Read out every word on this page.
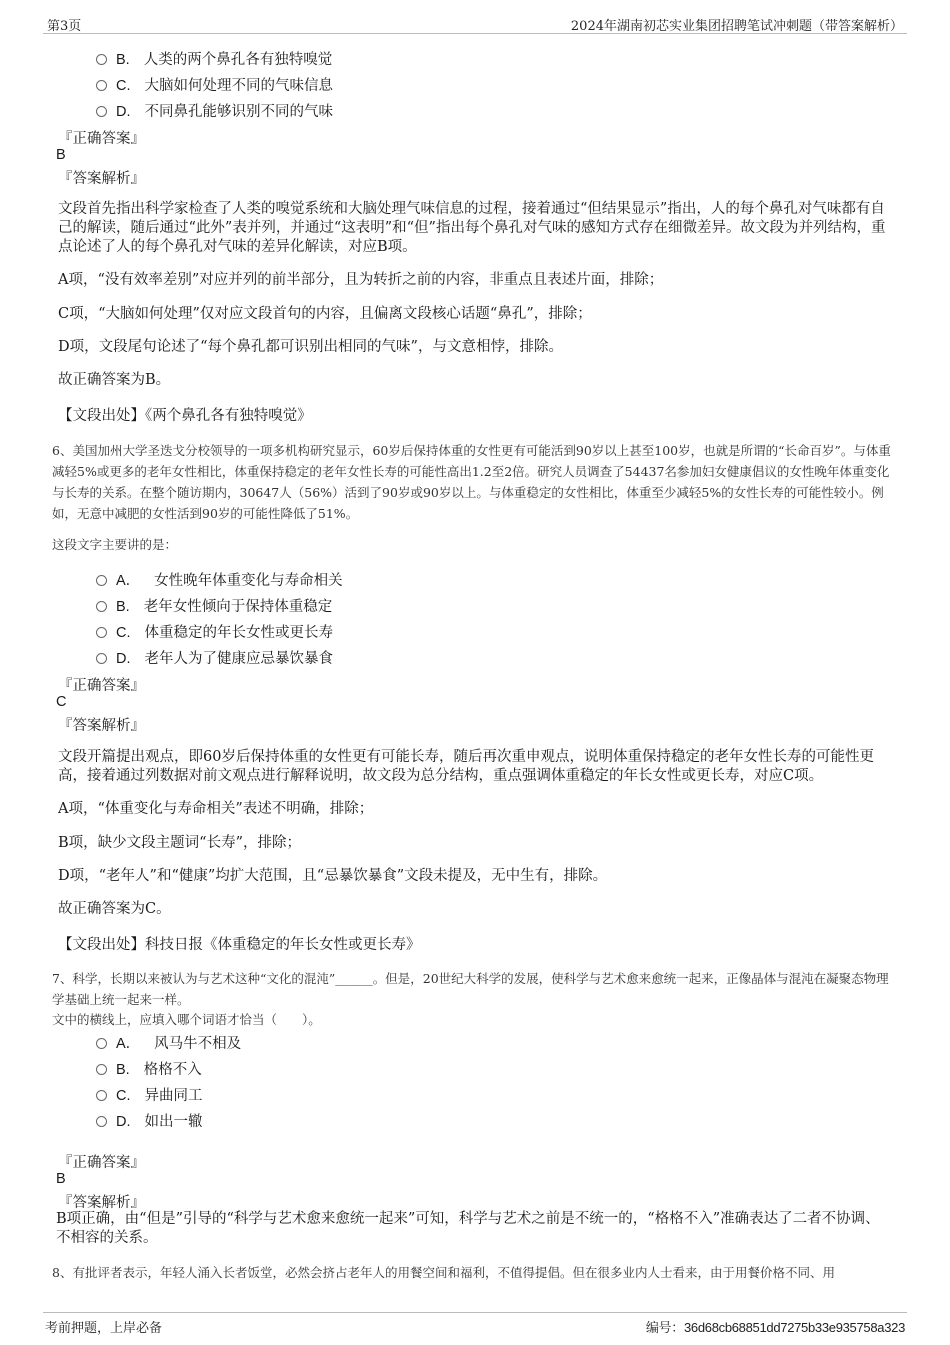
第3页	2024年湖南初芯实业集团招聘笔试冲刺题（带答案解析）
B. 人类的两个鼻孔各有独特嗅觉
C. 大脑如何处理不同的气味信息
D. 不同鼻孔能够识别不同的气味
『正确答案』
B
『答案解析』
文段首先指出科学家检查了人类的嗅觉系统和大脑处理气味信息的过程，接着通过“但结果显示”指出，人的每个鼻孔对气味都有自己的解读，随后通过“此外”表并列，并通过“这表明”和“但”指出每个鼻孔对气味的感知方式存在细微差异。故文段为并列结构，重点论述了人的每个鼻孔对气味的差异化解读，对应B项。
A项，“没有效率差别”对应并列的前半部分，且为转折之前的内容，非重点且表述片面，排除；
C项，“大脑如何处理”仅对应文段首句的内容，且偏离文段核心话题“鼻孔”，排除；
D项，文段尾句论述了“每个鼻孔都可识别出相同的气味”，与文意相悖，排除。
故正确答案为B。
【文段出处】《两个鼻孔各有独特嗅觉》
6、美国加州大学圣迭戈分校领导的一项多机构研究显示，60岁后保持体重的女性更有可能活到90岁以上甚至100岁，也就是所谓的“长命百岁”。与体重减轻5%或更多的老年女性相比，体重保持稳定的老年女性长寿的可能性高出1.2至2倍。研究人员调查了54437名参加妇女健康倡议的女性晚年体重变化与长寿的关系。在整个随访期内，30647人（56%）活到了90岁或90岁以上。与体重稳定的女性相比，体重至少减轻5%的女性长寿的可能性较小。例如，无意中减肥的女性活到90岁的可能性降低了51%。
这段文字主要讲的是：
A． 女性晚年体重变化与寿命相关
B. 老年女性倾向于保持体重稳定
C. 体重稳定的年长女性或更长寿
D. 老年人为了健康应忌暴饮暴食
『正确答案』
C
『答案解析』
文段开篇提出观点，即60岁后保持体重的女性更有可能长寿，随后再次重申观点，说明体重保持稳定的老年女性长寿的可能性更高，接着通过列数据对前文观点进行解释说明，故文段为总分结构，重点强调体重稳定的年长女性或更长寿，对应C项。
A项，“体重变化与寿命相关”表述不明确，排除；
B项，缺少文段主题词“长寿”，排除；
D项，“老年人”和“健康”均扩大范围，且“忌暴饮暴食”文段未提及，无中生有，排除。
故正确答案为C。
【文段出处】科技日报《体重稳定的年长女性或更长寿》
7、科学，长期以来被认为与艺术这种“文化的混沌”______。但是，20世纪大科学的发展，使科学与艺术愈来愈统一起来，正像晶体与混沌在凝聚态物理学基础上统一起来一样。
文中的横线上，应填入哪个词语才恰当（　　）。
A． 风马牛不相及
B. 格格不入
C. 异曲同工
D. 如出一辙
『正确答案』
B
『答案解析』
B项正确，由“但是”引导的“科学与艺术愈来愈统一起来”可知，科学与艺术之前是不统一的，“格格不入”准确表达了二者不协调、不相容的关系。
8、有批评者表示，年轻人涌入长者饭堂，必然会挤占老年人的用餐空间和福利，不值得提倡。但在很多业内人士看来，由于用餐价格不同、用
考前押题，上岸必备	编号：36d68cb68851dd7275b33e935758a323
